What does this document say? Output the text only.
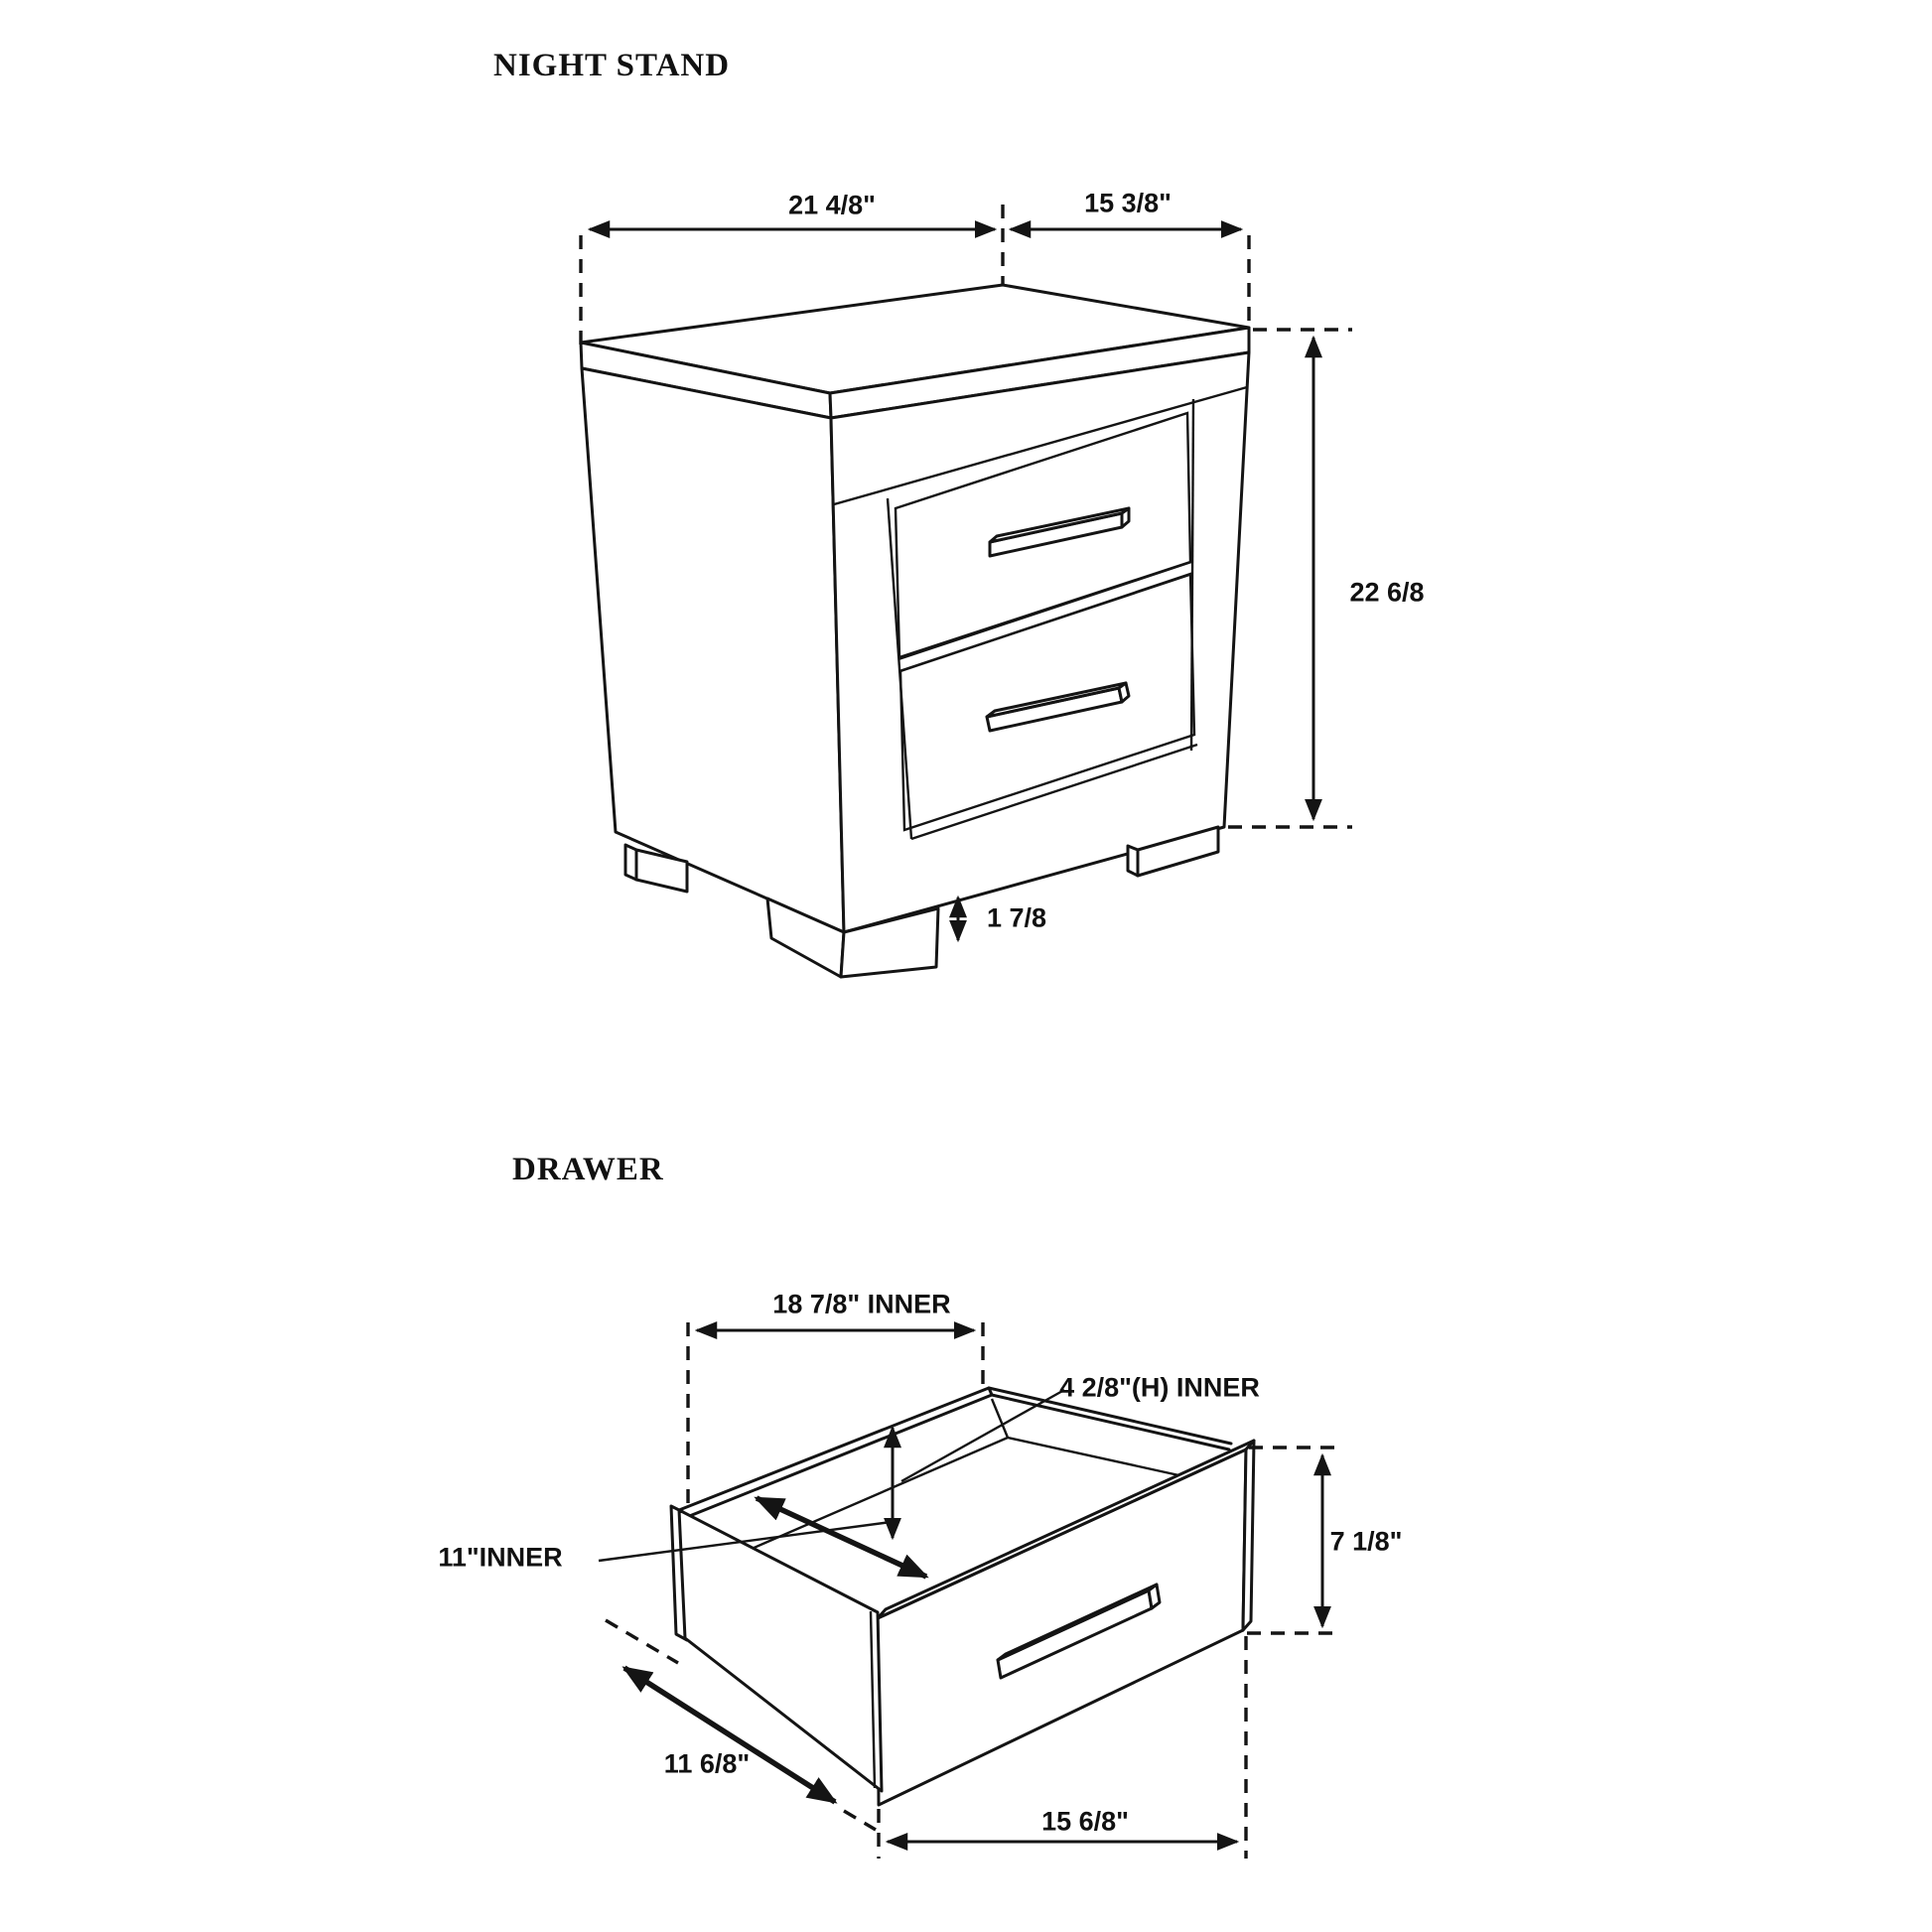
NIGHT STAND
21 4/8"	15 3/8"
22 6/8
1 7/8
DRAWER
18 7/8" INNER
4 2/8"(H) INNER
11"INNER
7 1/8"
11 6/8"
15 6/8"
